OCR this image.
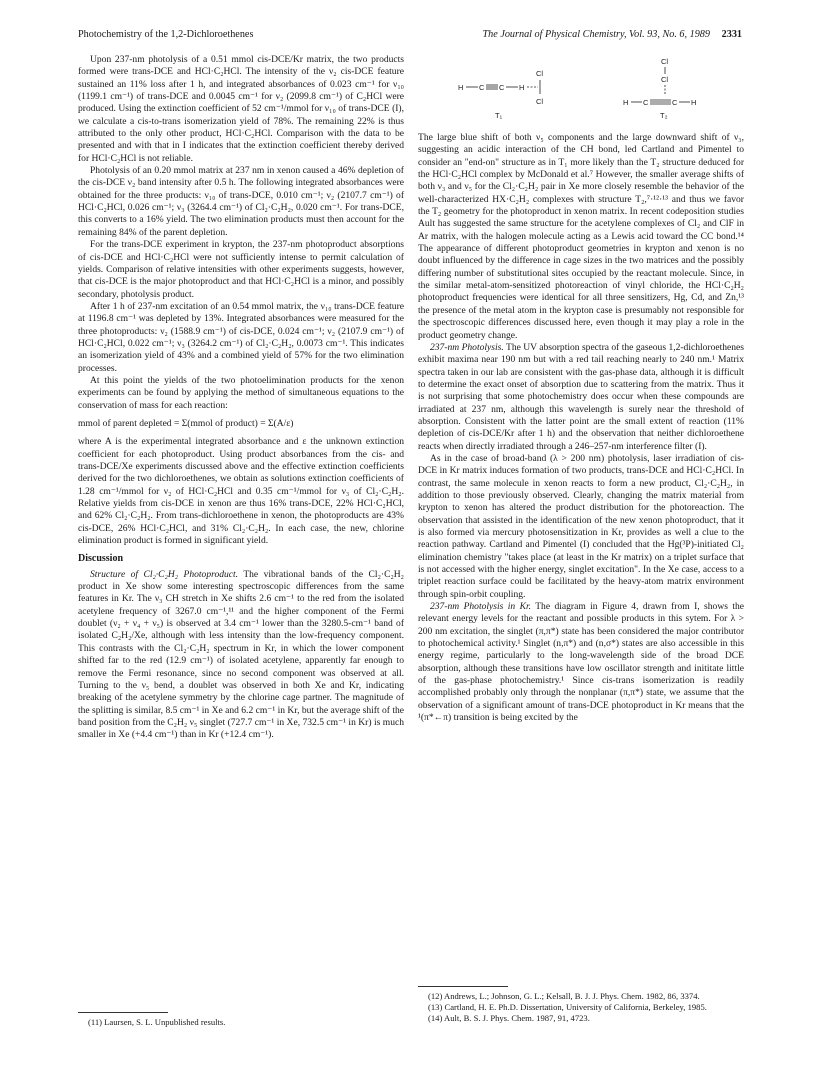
Photochemistry of the 1,2-Dichloroethenes	The Journal of Physical Chemistry, Vol. 93, No. 6, 1989 2331

Upon 237-nm photolysis of a 0.51 mmol cis-DCE/Kr matrix, the two products formed were trans-DCE and HCl·C₂HCl. The intensity of the ν₂ cis-DCE feature sustained an 11% loss after 1 h, and integrated absorbances of 0.023 cm⁻¹ for ν₁₀ (1199.1 cm⁻¹) of trans-DCE and 0.0045 cm⁻¹ for ν₂ (2099.8 cm⁻¹) of C₂HCl were produced. Using the extinction coefficient of 52 cm⁻¹/mmol for ν₁₀ of trans-DCE (I), we calculate a cis-to-trans isomerization yield of 78%. The remaining 22% is thus attributed to the only other product, HCl·C₂HCl. Comparison with the data to be presented and with that in I indicates that the extinction coefficient thereby derived for HCl·C₂HCl is not reliable.

Photolysis of an 0.20 mmol matrix at 237 nm in xenon caused a 46% depletion of the cis-DCE ν₂ band intensity after 0.5 h. The following integrated absorbances were obtained for the three products: ν₁₀ of trans-DCE, 0.010 cm⁻¹; ν₂ (2107.7 cm⁻¹) of HCl·C₂HCl, 0.026 cm⁻¹; ν₃ (3264.4 cm⁻¹) of Cl₂·C₂H₂, 0.020 cm⁻¹. For trans-DCE, this converts to a 16% yield. The two elimination products must then account for the remaining 84% of the parent depletion.

For the trans-DCE experiment in krypton, the 237-nm photoproduct absorptions of cis-DCE and HCl·C₂HCl were not sufficiently intense to permit calculation of yields. Comparison of relative intensities with other experiments suggests, however, that cis-DCE is the major photoproduct and that HCl·C₂HCl is a minor, and possibly secondary, photolysis product.

After 1 h of 237-nm excitation of an 0.54 mmol matrix, the ν₁₀ trans-DCE feature at 1196.8 cm⁻¹ was depleted by 13%. Integrated absorbances were measured for the three photoproducts: ν₂ (1588.9 cm⁻¹) of cis-DCE, 0.024 cm⁻¹; ν₂ (2107.9 cm⁻¹) of HCl·C₂HCl, 0.022 cm⁻¹; ν₃ (3264.2 cm⁻¹) of Cl₂·C₂H₂, 0.0073 cm⁻¹. This indicates an isomerization yield of 43% and a combined yield of 57% for the two elimination processes.

At this point the yields of the two photoelimination products for the xenon experiments can be found by applying the method of simultaneous equations to the conservation of mass for each reaction:

mmol of parent depleted = Σ(mmol of product) = Σ(A/ε)

where A is the experimental integrated absorbance and ε the unknown extinction coefficient for each photoproduct. Using product absorbances from the cis- and trans-DCE/Xe experiments discussed above and the effective extinction coefficients derived for the two dichloroethenes, we obtain as solutions extinction coefficients of 1.28 cm⁻¹/mmol for ν₂ of HCl·C₂HCl and 0.35 cm⁻¹/mmol for ν₃ of Cl₂·C₂H₂. Relative yields from cis-DCE in xenon are thus 16% trans-DCE, 22% HCl·C₂HCl, and 62% Cl₂·C₂H₂. From trans-dichloroethene in xenon, the photoproducts are 43% cis-DCE, 26% HCl·C₂HCl, and 31% Cl₂·C₂H₂. In each case, the new, chlorine elimination product is formed in significant yield.

Discussion

Structure of Cl₂·C₂H₂ Photoproduct. The vibrational bands of the Cl₂·C₂H₂ product in Xe show some interesting spectroscopic differences from the same features in Kr. The ν₃ CH stretch in Xe shifts 2.6 cm⁻¹ to the red from the isolated acetylene frequency of 3267.0 cm⁻¹,¹¹ and the higher component of the Fermi doublet (ν₂ + ν₄ + ν₅) is observed at 3.4 cm⁻¹ lower than the 3280.5-cm⁻¹ band of isolated C₂H₂/Xe, although with less intensity than the low-frequency component. This contrasts with the Cl₂·C₂H₂ spectrum in Kr, in which the lower component shifted far to the red (12.9 cm⁻¹) of isolated acetylene, apparently far enough to remove the Fermi resonance, since no second component was observed at all. Turning to the ν₅ bend, a doublet was observed in both Xe and Kr, indicating breaking of the acetylene symmetry by the chlorine cage partner. The magnitude of the splitting is similar, 8.5 cm⁻¹ in Xe and 6.2 cm⁻¹ in Kr, but the average shift of the band position from the C₂H₂ ν₅ singlet (727.7 cm⁻¹ in Xe, 732.5 cm⁻¹ in Kr) is much smaller in Xe (+4.4 cm⁻¹) than in Kr (+12.4 cm⁻¹).

(11) Laursen, S. L. Unpublished results.
H C C H
Cl
Cl
T₁
Cl
Cl
H C	C H
T₂

The large blue shift of both ν₅ components and the large downward shift of ν₃, suggesting an acidic interaction of the CH bond, led Cartland and Pimentel to consider an "end-on" structure as in T₁ more likely than the T₂ structure deduced for the HCl·C₂HCl complex by McDonald et al.⁷ However, the smaller average shifts of both ν₃ and ν₅ for the Cl₂·C₂H₂ pair in Xe more closely resemble the behavior of the well-characterized HX·C₂H₂ complexes with structure T₂,⁷·¹²·¹³ and thus we favor the T₂ geometry for the photoproduct in xenon matrix. In recent codeposition studies Ault has suggested the same structure for the acetylene complexes of Cl₂ and ClF in Ar matrix, with the halogen molecule acting as a Lewis acid toward the CC bond.¹⁴ The appearance of different photoproduct geometries in krypton and xenon is no doubt influenced by the difference in cage sizes in the two matrices and the possibly differing number of substitutional sites occupied by the reactant molecule. Since, in the similar metal-atom-sensitized photoreaction of vinyl chloride, the HCl·C₂H₂ photoproduct frequencies were identical for all three sensitizers, Hg, Cd, and Zn,¹³ the presence of the metal atom in the krypton case is presumably not responsible for the spectroscopic differences discussed here, even though it may play a role in the product geometry change.

237-nm Photolysis. The UV absorption spectra of the gaseous 1,2-dichloroethenes exhibit maxima near 190 nm but with a red tail reaching nearly to 240 nm.¹ Matrix spectra taken in our lab are consistent with the gas-phase data, although it is difficult to determine the exact onset of absorption due to scattering from the matrix. Thus it is not surprising that some photochemistry does occur when these compounds are irradiated at 237 nm, although this wavelength is surely near the threshold of absorption. Consistent with the latter point are the small extent of reaction (11% depletion of cis-DCE/Kr after 1 h) and the observation that neither dichloroethene reacts when directly irradiated through a 246–257-nm interference filter (I).

As in the case of broad-band (λ > 200 nm) photolysis, laser irradiation of cis-DCE in Kr matrix induces formation of two products, trans-DCE and HCl·C₂HCl. In contrast, the same molecule in xenon reacts to form a new product, Cl₂·C₂H₂, in addition to those previously observed. Clearly, changing the matrix material from krypton to xenon has altered the product distribution for the photoreaction. The observation that assisted in the identification of the new xenon photoproduct, that it is also formed via mercury photosensitization in Kr, provides as well a clue to the reaction pathway. Cartland and Pimentel (I) concluded that the Hg(³P)-initiated Cl₂ elimination chemistry "takes place (at least in the Kr matrix) on a triplet surface that is not accessed with the higher energy, singlet excitation". In the Xe case, access to a triplet reaction surface could be facilitated by the heavy-atom matrix environment through spin-orbit coupling.

237-nm Photolysis in Kr. The diagram in Figure 4, drawn from I, shows the relevant energy levels for the reactant and possible products in this sytem. For λ > 200 nm excitation, the singlet (π,π*) state has been considered the major contributor to photochemical activity.¹ Singlet (n,π*) and (n,σ*) states are also accessible in this energy regime, particularly to the long-wavelength side of the broad DCE absorption, although these transitions have low oscillator strength and inititate little of the gas-phase photochemistry.¹ Since cis-trans isomerization is readily accomplished probably only through the nonplanar (π,π*) state, we assume that the observation of a significant amount of trans-DCE photoproduct in Kr means that the ¹(π*←π) transition is being excited by the

(12) Andrews, L.; Johnson, G. L.; Kelsall, B. J. J. Phys. Chem. 1982, 86, 3374.
(13) Cartland, H. E. Ph.D. Dissertation, University of California, Berkeley, 1985.
(14) Ault, B. S. J. Phys. Chem. 1987, 91, 4723.
